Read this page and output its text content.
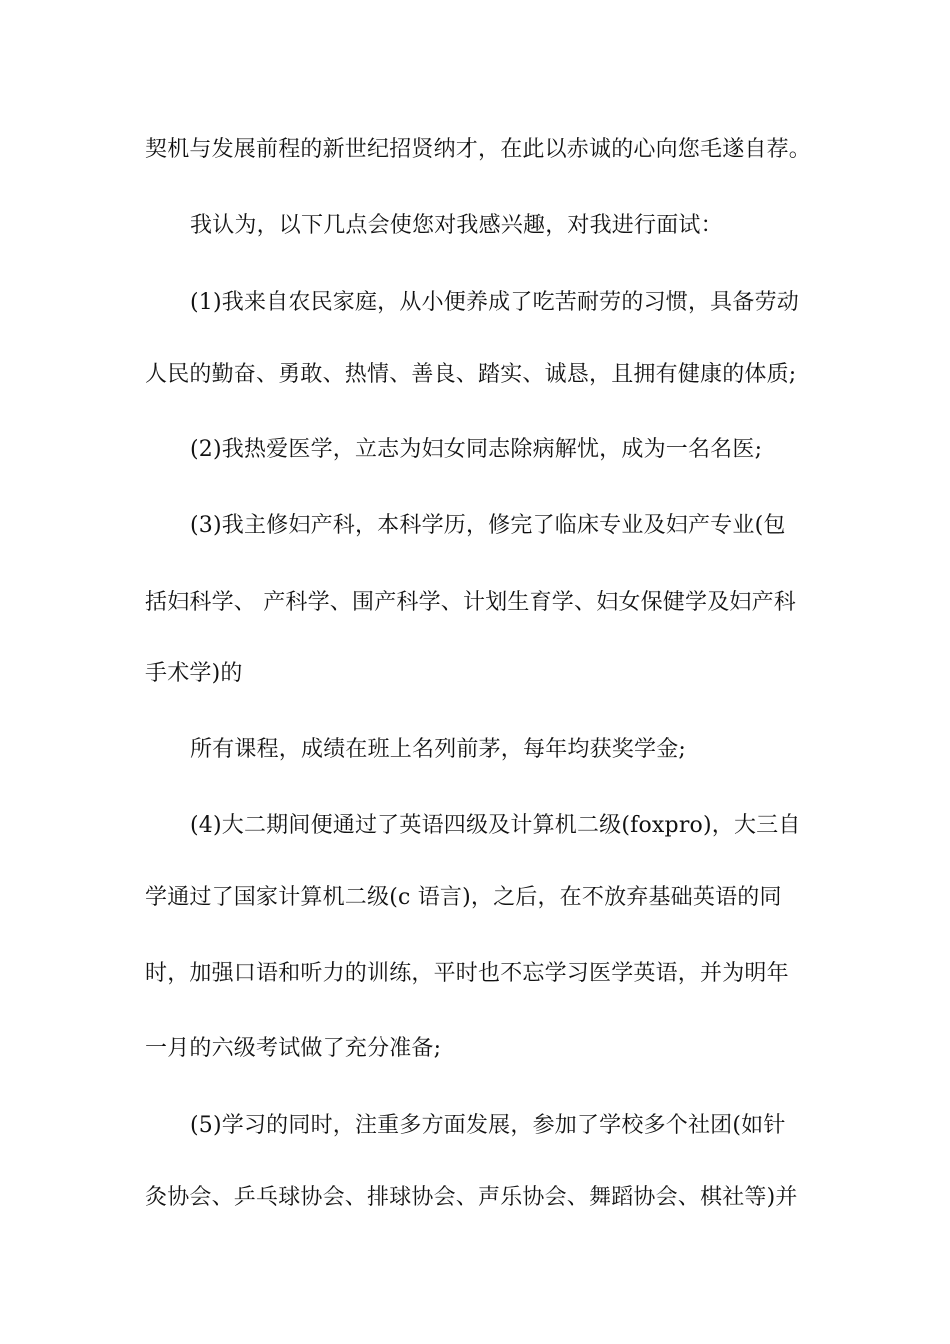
契机与发展前程的新世纪招贤纳才，在此以赤诚的心向您毛遂自荐。
我认为，以下几点会使您对我感兴趣，对我进行面试：
(1)我来自农民家庭，从小便养成了吃苦耐劳的习惯，具备劳动
人民的勤奋、勇敢、热情、善良、踏实、诚恳，且拥有健康的体质;
(2)我热爱医学，立志为妇女同志除病解忧，成为一名名医;
(3)我主修妇产科，本科学历，修完了临床专业及妇产专业(包
括妇科学、 产科学、围产科学、计划生育学、妇女保健学及妇产科
手术学)的
所有课程，成绩在班上名列前茅，每年均获奖学金;
(4)大二期间便通过了英语四级及计算机二级(foxpro)，大三自
学通过了国家计算机二级(c 语言)，之后，在不放弃基础英语的同
时，加强口语和听力的训练，平时也不忘学习医学英语，并为明年
一月的六级考试做了充分准备;
(5)学习的同时，注重多方面发展，参加了学校多个社团(如针
灸协会、乒乓球协会、排球协会、声乐协会、舞蹈协会、棋社等)并
